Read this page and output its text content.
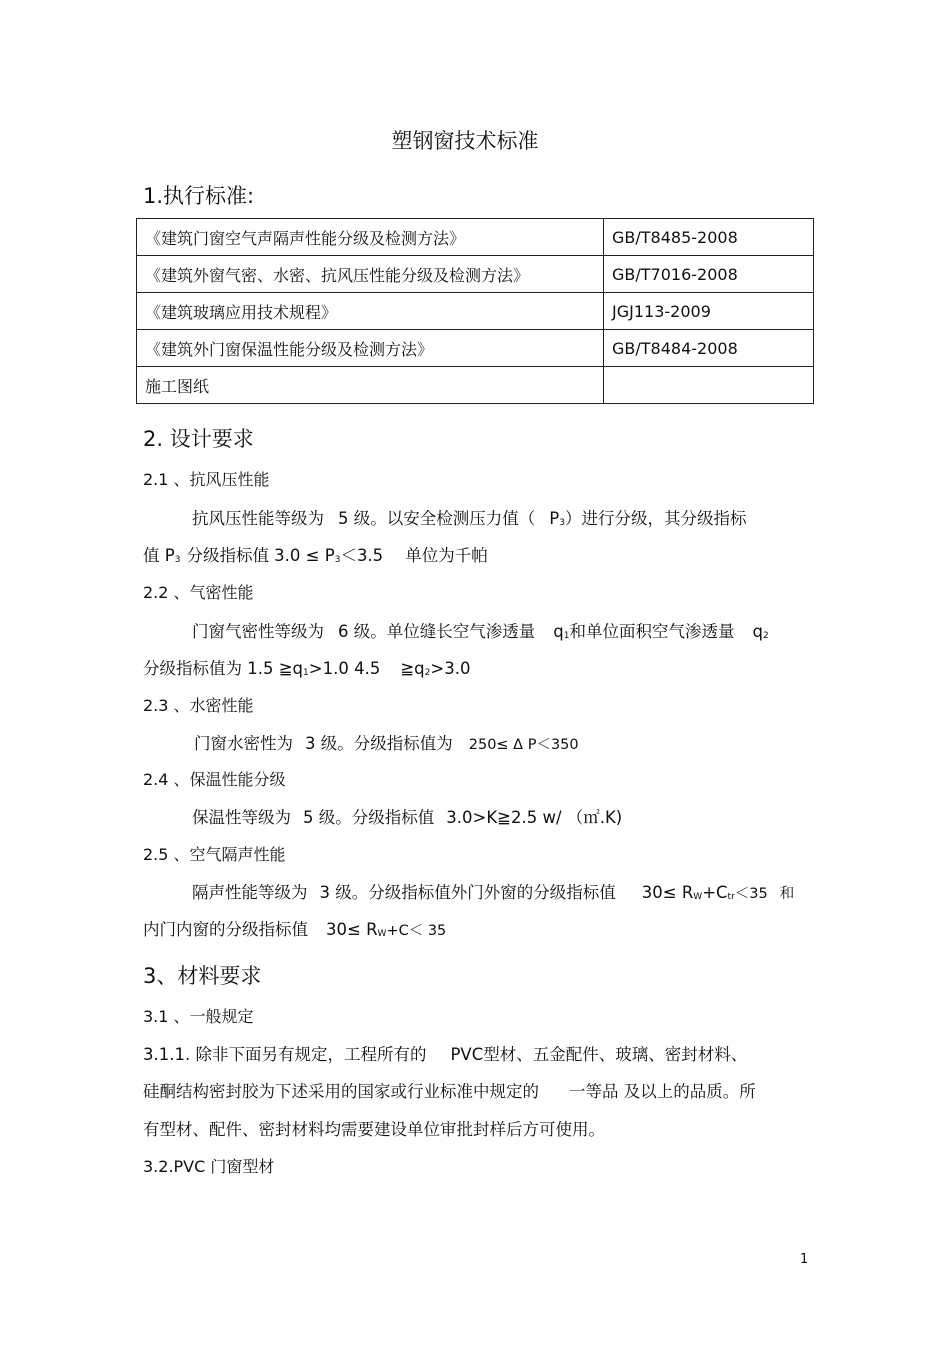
塑钢窗技术标准
1.执行标准:
《建筑门窗空气声隔声性能分级及检测方法》	GB/T8485-2008
《建筑外窗气密、水密、抗风压性能分级及检测方法》	GB/T7016-2008
《建筑玻璃应用技术规程》	JGJ113-2009
《建筑外门窗保温性能分级及检测方法》	GB/T8484-2008
施工图纸	
2. 设计要求
2.1 、抗风压性能
抗风压性能等级为 5 级。以安全检测压力值（ P3）进行分级，其分级指标
值 P3 分级指标值 3.0 ≤ P3＜3.5 单位为千帕
2.2 、气密性能
门窗气密性等级为 6 级。单位缝长空气渗透量 q1和单位面积空气渗透量 q2
分级指标值为 1.5 ≧q1>1.0 4.5 ≧q2>3.0
2.3 、水密性能
门窗水密性为 3 级。分级指标值为 250≤ Δ P＜350
2.4 、保温性能分级
保温性等级为 5 级。分级指标值 3.0>K≧2.5 w/ （㎡.K)
2.5 、空气隔声性能
隔声性能等级为 3 级。分级指标值外门外窗的分级指标值 30≤ RW+Ctr＜35 和
内门内窗的分级指标值 30≤ RW+C＜ 35
3、材料要求
3.1 、一般规定
3.1.1. 除非下面另有规定，工程所有的 PVC型材、五金配件、玻璃、密封材料、
硅酮结构密封胶为下述采用的国家或行业标准中规定的 一等品 及以上的品质。所
有型材、配件、密封材料均需要建设单位审批封样后方可使用。
3.2.PVC 门窗型材
1
